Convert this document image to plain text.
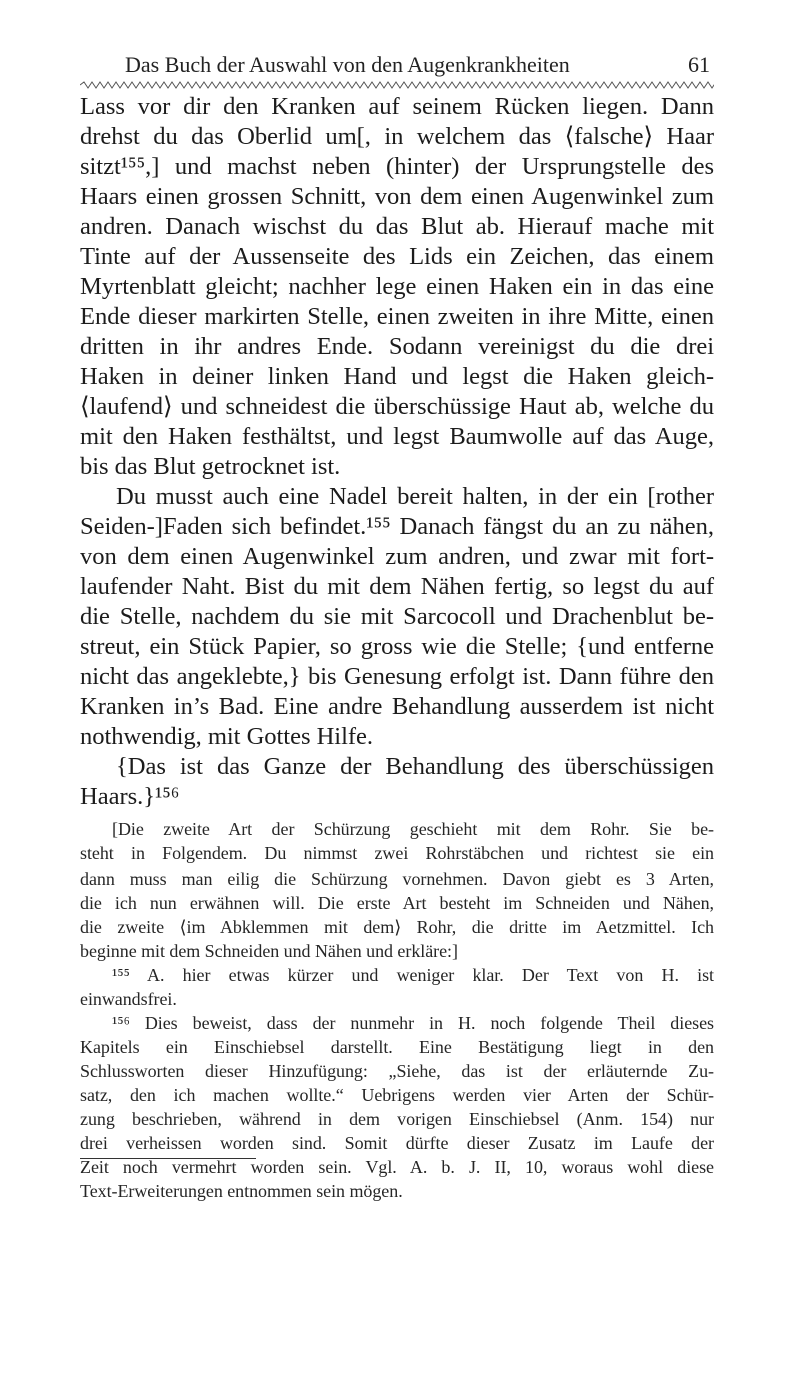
Das Buch der Auswahl von den Augenkrankheiten	61
Lass vor dir den Kranken auf seinem Rücken liegen. Dann
drehst du das Oberlid um[, in welchem das ⟨falsche⟩ Haar
sitzt¹⁵⁵,] und machst neben (hinter) der Ursprungstelle des
Haars einen grossen Schnitt, von dem einen Augenwinkel zum
andren. Danach wischst du das Blut ab. Hierauf mache mit
Tinte auf der Aussenseite des Lids ein Zeichen, das einem
Myrtenblatt gleicht; nachher lege einen Haken ein in das eine
Ende dieser markirten Stelle, einen zweiten in ihre Mitte, einen
dritten in ihr andres Ende. Sodann vereinigst du die drei
Haken in deiner linken Hand und legst die Haken gleich-
⟨laufend⟩ und schneidest die überschüssige Haut ab, welche du
mit den Haken festhältst, und legst Baumwolle auf das Auge,
bis das Blut getrocknet ist.
Du musst auch eine Nadel bereit halten, in der ein [rother
Seiden-]Faden sich befindet.¹⁵⁵ Danach fängst du an zu nähen,
von dem einen Augenwinkel zum andren, und zwar mit fort-
laufender Naht. Bist du mit dem Nähen fertig, so legst du auf
die Stelle, nachdem du sie mit Sarcocoll und Drachenblut be-
streut, ein Stück Papier, so gross wie die Stelle; {und entferne
nicht das angeklebte,} bis Genesung erfolgt ist. Dann führe den
Kranken in’s Bad. Eine andre Behandlung ausserdem ist nicht
nothwendig, mit Gottes Hilfe.
{Das ist das Ganze der Behandlung des überschüssigen
Haars.}¹⁵⁶
[Die zweite Art der Schürzung geschieht mit dem Rohr. Sie be-
steht in Folgendem. Du nimmst zwei Rohrstäbchen und richtest sie ein
dann muss man eilig die Schürzung vornehmen. Davon giebt es 3 Arten,
die ich nun erwähnen will. Die erste Art besteht im Schneiden und Nähen,
die zweite ⟨im Abklemmen mit dem⟩ Rohr, die dritte im Aetzmittel. Ich
beginne mit dem Schneiden und Nähen und erkläre:]
¹⁵⁵ A. hier etwas kürzer und weniger klar. Der Text von H. ist
einwandsfrei.
¹⁵⁶ Dies beweist, dass der nunmehr in H. noch folgende Theil dieses
Kapitels ein Einschiebsel darstellt. Eine Bestätigung liegt in den
Schlussworten dieser Hinzufügung: „Siehe, das ist der erläuternde Zu-
satz, den ich machen wollte.“ Uebrigens werden vier Arten der Schür-
zung beschrieben, während in dem vorigen Einschiebsel (Anm. 154) nur
drei verheissen worden sind. Somit dürfte dieser Zusatz im Laufe der
Zeit noch vermehrt worden sein. Vgl. A. b. J. II, 10, woraus wohl diese
Text-Erweiterungen entnommen sein mögen.
